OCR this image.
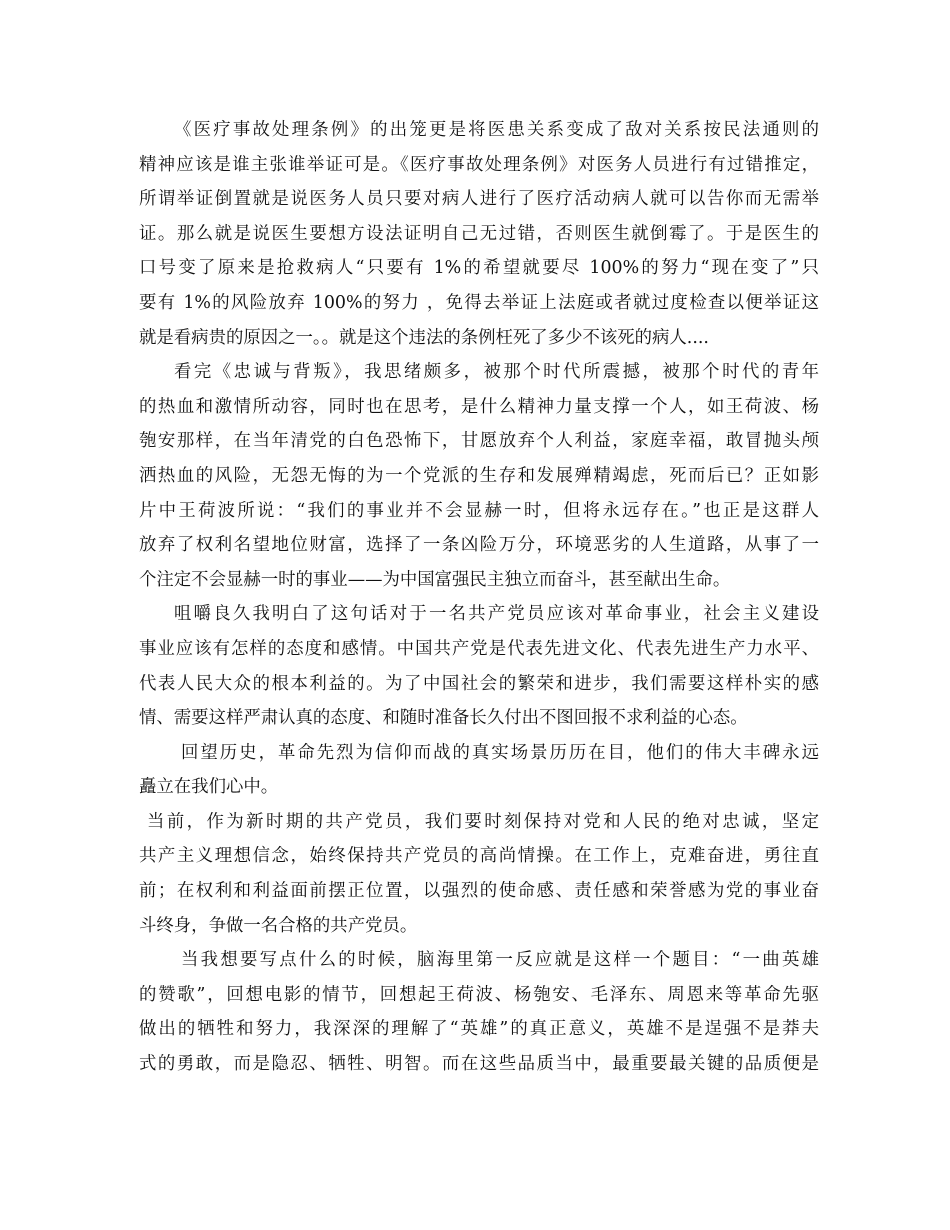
《医疗事故处理条例》的出笼更是将医患关系变成了敌对关系按民法通则的
精神应该是谁主张谁举证可是。《医疗事故处理条例》对医务人员进行有过错推定，
所谓举证倒置就是说医务人员只要对病人进行了医疗活动病人就可以告你而无需举
证。那么就是说医生要想方设法证明自己无过错，否则医生就倒霉了。于是医生的
口号变了原来是抢救病人“只要有 1%的希望就要尽 100%的努力“现在变了”只
要有 1%的风险放弃 100%的努力 ，免得去举证上法庭或者就过度检查以便举证这
就是看病贵的原因之一。。就是这个违法的条例枉死了多少不该死的病人....
看完《忠诚与背叛》，我思绪颇多，被那个时代所震撼，被那个时代的青年
的热血和激情所动容，同时也在思考，是什么精神力量支撑一个人，如王荷波、杨
匏安那样，在当年清党的白色恐怖下，甘愿放弃个人利益，家庭幸福，敢冒抛头颅
洒热血的风险，无怨无悔的为一个党派的生存和发展殚精竭虑，死而后已？正如影
片中王荷波所说：“我们的事业并不会显赫一时，但将永远存在。”也正是这群人
放弃了权利名望地位财富，选择了一条凶险万分，环境恶劣的人生道路，从事了一
个注定不会显赫一时的事业——为中国富强民主独立而奋斗，甚至献出生命。
咀嚼良久我明白了这句话对于一名共产党员应该对革命事业，社会主义建设
事业应该有怎样的态度和感情。中国共产党是代表先进文化、代表先进生产力水平、
代表人民大众的根本利益的。为了中国社会的繁荣和进步，我们需要这样朴实的感
情、需要这样严肃认真的态度、和随时准备长久付出不图回报不求利益的心态。
回望历史，革命先烈为信仰而战的真实场景历历在目，他们的伟大丰碑永远
矗立在我们心中。
当前，作为新时期的共产党员，我们要时刻保持对党和人民的绝对忠诚，坚定
共产主义理想信念，始终保持共产党员的高尚情操。在工作上，克难奋进，勇往直
前；在权利和利益面前摆正位置，以强烈的使命感、责任感和荣誉感为党的事业奋
斗终身，争做一名合格的共产党员。
当我想要写点什么的时候，脑海里第一反应就是这样一个题目：“一曲英雄
的赞歌”，回想电影的情节，回想起王荷波、杨匏安、毛泽东、周恩来等革命先驱
做出的牺牲和努力，我深深的理解了“英雄”的真正意义，英雄不是逞强不是莽夫
式的勇敢，而是隐忍、牺牲、明智。而在这些品质当中，最重要最关键的品质便是
